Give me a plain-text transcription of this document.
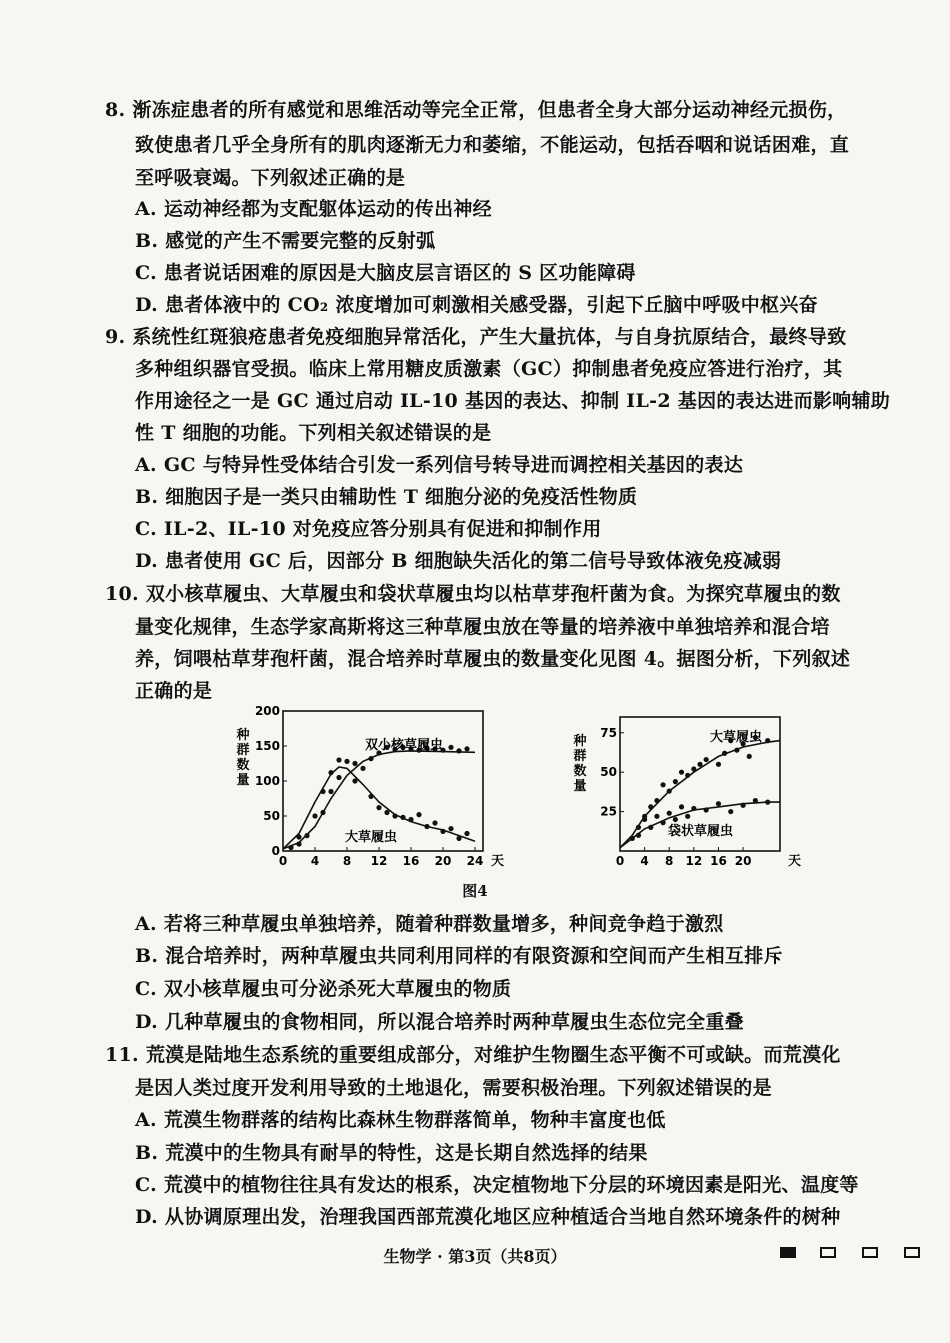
8. 渐冻症患者的所有感觉和思维活动等完全正常，但患者全身大部分运动神经元损伤，
致使患者几乎全身所有的肌肉逐渐无力和萎缩，不能运动，包括吞咽和说话困难，直
至呼吸衰竭。下列叙述正确的是
A. 运动神经都为支配躯体运动的传出神经
B. 感觉的产生不需要完整的反射弧
C. 患者说话困难的原因是大脑皮层言语区的 S 区功能障碍
D. 患者体液中的 CO₂ 浓度增加可刺激相关感受器，引起下丘脑中呼吸中枢兴奋
9. 系统性红斑狼疮患者免疫细胞异常活化，产生大量抗体，与自身抗原结合，最终导致
多种组织器官受损。临床上常用糖皮质激素（GC）抑制患者免疫应答进行治疗，其
作用途径之一是 GC 通过启动 IL-10 基因的表达、抑制 IL-2 基因的表达进而影响辅助
性 T 细胞的功能。下列相关叙述错误的是
A. GC 与特异性受体结合引发一系列信号转导进而调控相关基因的表达
B. 细胞因子是一类只由辅助性 T 细胞分泌的免疫活性物质
C. IL-2、IL-10 对免疫应答分别具有促进和抑制作用
D. 患者使用 GC 后，因部分 B 细胞缺失活化的第二信号导致体液免疫减弱
10. 双小核草履虫、大草履虫和袋状草履虫均以枯草芽孢杆菌为食。为探究草履虫的数
量变化规律，生态学家高斯将这三种草履虫放在等量的培养液中单独培养和混合培
养，饲喂枯草芽孢杆菌，混合培养时草履虫的数量变化见图 4。据图分析，下列叙述
正确的是
种
群
数
量
0
50
100
150
200
0 4 8 12 16 20 24 天
双小核草履虫
大草履虫
种
群
数
量
25
50
75
0 4 8 12 16 20	天
大草履虫
袋状草履虫
图4
A. 若将三种草履虫单独培养，随着种群数量增多，种间竞争趋于激烈
B. 混合培养时，两种草履虫共同利用同样的有限资源和空间而产生相互排斥
C. 双小核草履虫可分泌杀死大草履虫的物质
D. 几种草履虫的食物相同，所以混合培养时两种草履虫生态位完全重叠
11. 荒漠是陆地生态系统的重要组成部分，对维护生物圈生态平衡不可或缺。而荒漠化
是因人类过度开发利用导致的土地退化，需要积极治理。下列叙述错误的是
A. 荒漠生物群落的结构比森林生物群落简单，物种丰富度也低
B. 荒漠中的生物具有耐旱的特性，这是长期自然选择的结果
C. 荒漠中的植物往往具有发达的根系，决定植物地下分层的环境因素是阳光、温度等
D. 从协调原理出发，治理我国西部荒漠化地区应种植适合当地自然环境条件的树种
生物学 · 第3页（共8页）
